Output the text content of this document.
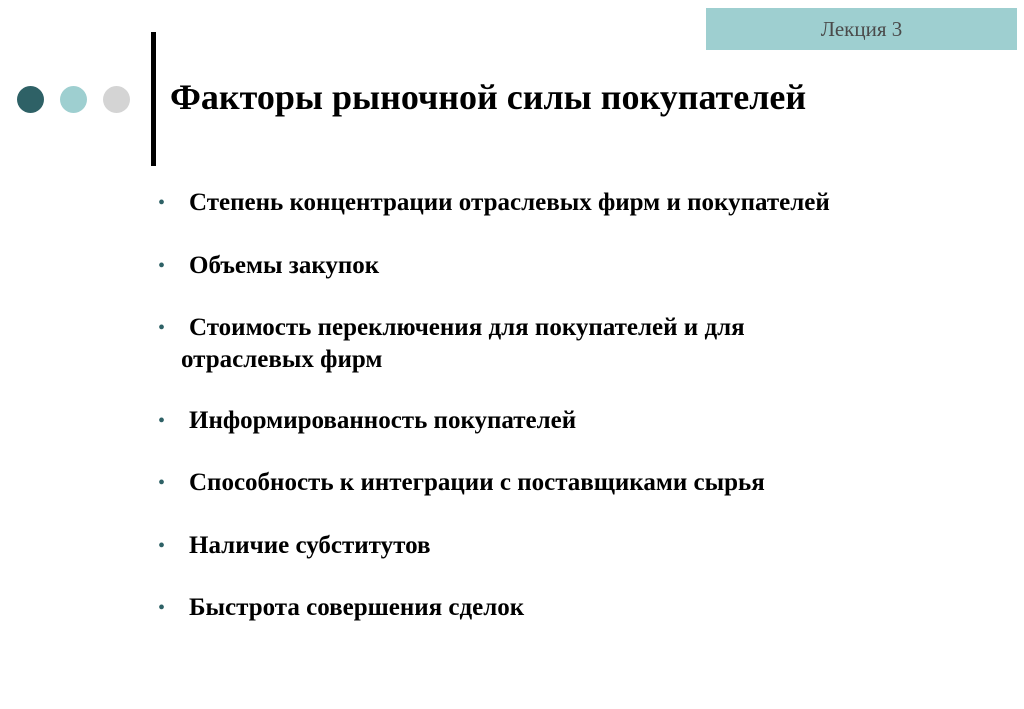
Лекция 3
Факторы рыночной силы покупателей
• Степень концентрации отраслевых фирм и покупателей
• Объемы закупок
• Стоимость переключения для покупателей и для
отраслевых фирм
• Информированность покупателей
• Способность к интеграции с поставщиками сырья
• Наличие субститутов
• Быстрота совершения сделок
